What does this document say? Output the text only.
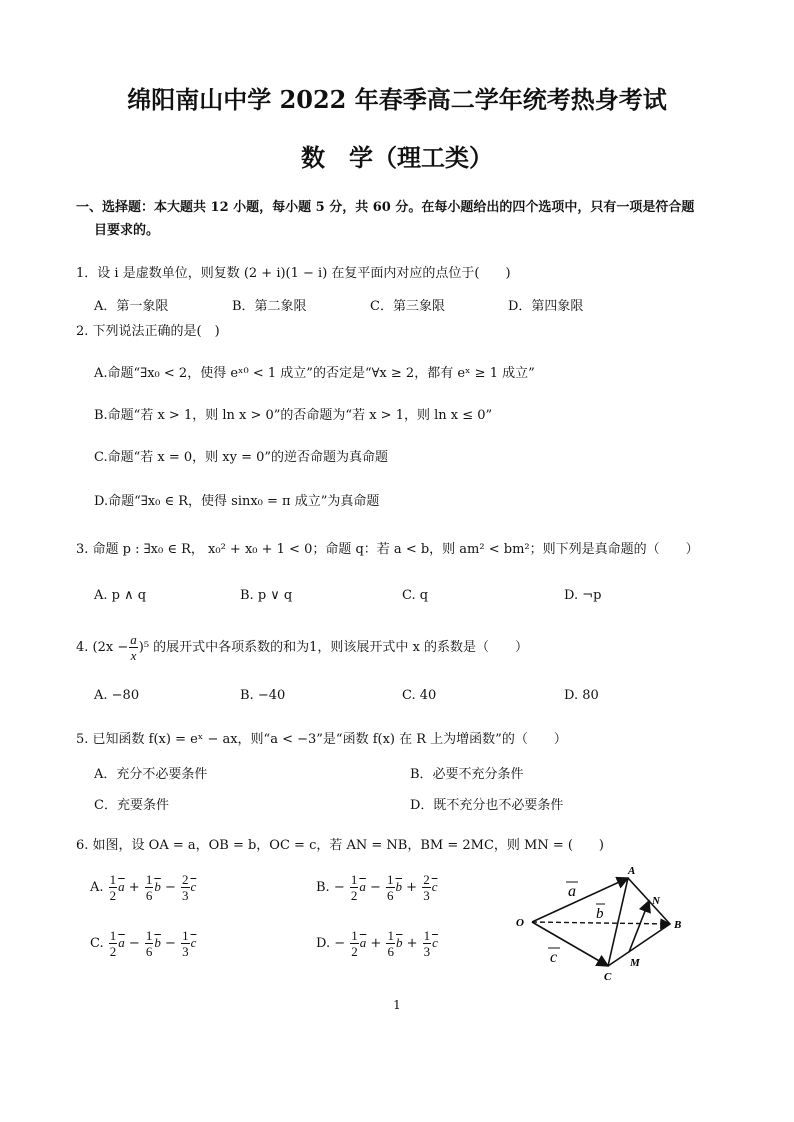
绵阳南山中学 2022 年春季高二学年统考热身考试
数　学（理工类）
一、选择题：本大题共 12 小题，每小题 5 分，共 60 分。在每小题给出的四个选项中，只有一项是符合题
目要求的。
1．设 i 是虚数单位，则复数 (2 + i)(1 − i) 在复平面内对应的点位于(　　)
A．第一象限	B．第二象限	C．第三象限	D．第四象限
2. 下列说法正确的是(　)
A.命题“∃x₀ < 2，使得 eˣ⁰ < 1 成立”的否定是“∀x ≥ 2，都有 eˣ ≥ 1 成立”
B.命题“若 x > 1，则 ln x > 0”的否命题为“若 x > 1，则 ln x ≤ 0”
C.命题“若 x = 0，则 xy = 0”的逆否命题为真命题
D.命题“∃x₀ ∈ R，使得 sinx₀ = π 成立”为真命题
3. 命题 p : ∃x₀ ∈ R， x₀² + x₀ + 1 < 0；命题 q：若 a < b，则 am² < bm²；则下列是真命题的（　　）
A. p ∧ q	B. p ∨ q	C. q	D. ¬p
4. $(2x - \frac{a}{x} )^5$ 的展开式中各项系数的和为1，则该展开式中 x 的系数是（　　）
A. −80	B. −40	C. 40	D. 80
5. 已知函数 f(x) = eˣ − ax，则“a < −3”是“函数 f(x) 在 R 上为增函数”的（　　）
A．充分不必要条件	B．必要不充分条件
C．充要条件	D．既不充分也不必要条件
6. 如图，设 OA = a，OB = b，OC = c，若 AN = NB，BM = 2MC，则 MN = (　　)
A. $\frac{1}{2} \overline{a} + \frac{1}{6} \overline{b} - \frac{2}{3} \overline{c}$	B. − $\frac{1}{2} \overline{a} - \frac{1}{6} \overline{b} + \frac{2}{3} \overline{c}$
C. $\frac{1}{2} \overline{a} - \frac{1}{6} \overline{b} - \frac{1}{3} \overline{c}$	D. − $\frac{1}{2} \overline{a} + \frac{1}{6} \overline{b} + \frac{1}{3} \overline{c}$
O
A
B
C
N
M
a
b
c
1
